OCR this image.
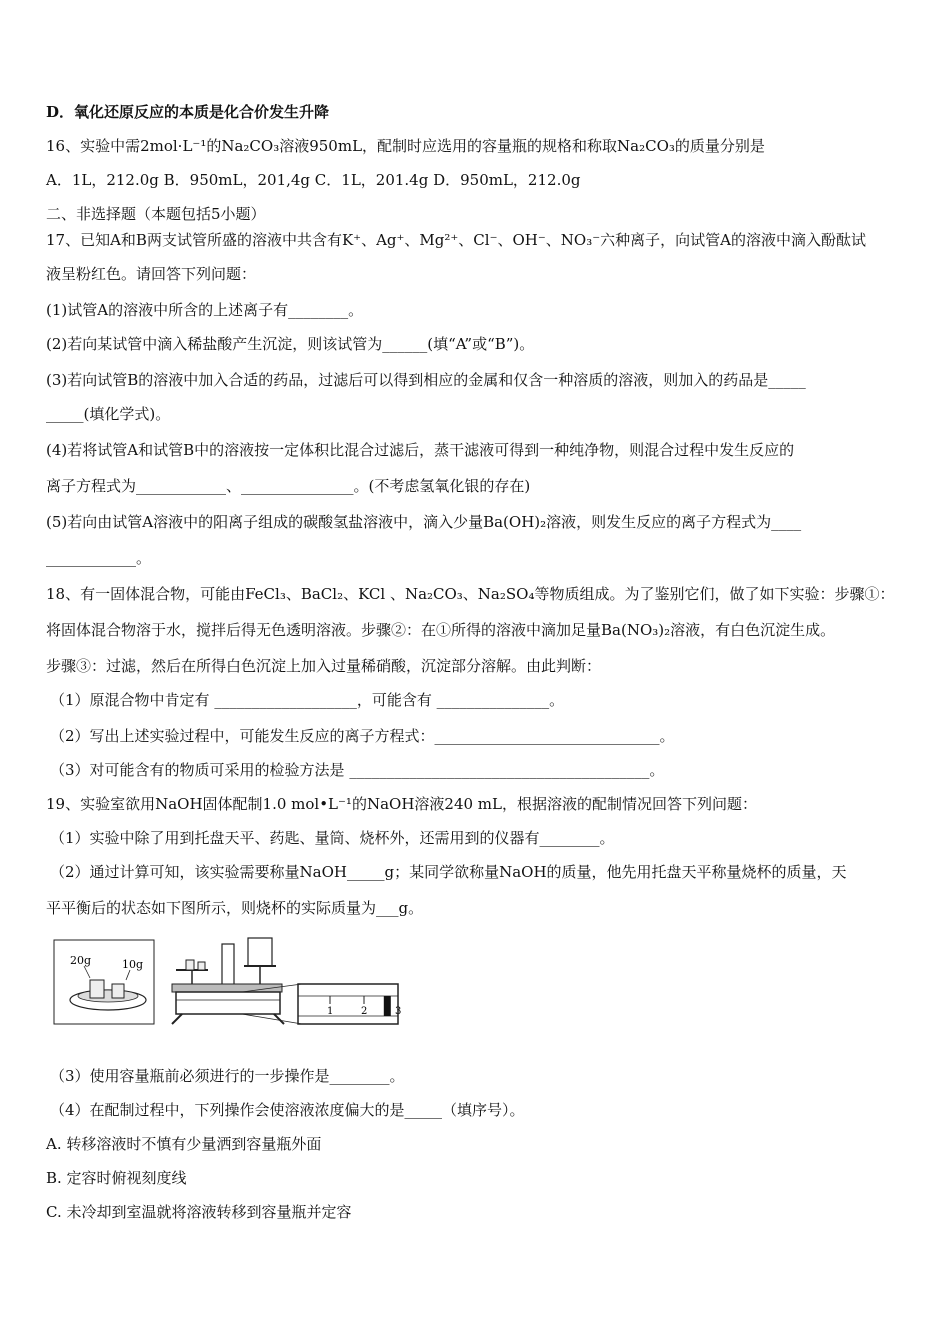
D．氧化还原反应的本质是化合价发生升降
16、实验中需2mol·L⁻¹的Na₂CO₃溶液950mL，配制时应选用的容量瓶的规格和称取Na₂CO₃的质量分别是
A．1L，212.0g B．950mL，201,4g C．1L，201.4g D．950mL，212.0g
二、非选择题（本题包括5小题）
17、已知A和B两支试管所盛的溶液中共含有K⁺、Ag⁺、Mg²⁺、Cl⁻、OH⁻、NO₃⁻六种离子，向试管A的溶液中滴入酚酞试
液呈粉红色。请回答下列问题：
(1)试管A的溶液中所含的上述离子有________。
(2)若向某试管中滴入稀盐酸产生沉淀，则该试管为______(填“A”或“B”)。
(3)若向试管B的溶液中加入合适的药品，过滤后可以得到相应的金属和仅含一种溶质的溶液，则加入的药品是_____
_____(填化学式)。
(4)若将试管A和试管B中的溶液按一定体积比混合过滤后，蒸干滤液可得到一种纯净物，则混合过程中发生反应的
离子方程式为____________、_______________。(不考虑氢氧化银的存在)
(5)若向由试管A溶液中的阳离子组成的碳酸氢盐溶液中，滴入少量Ba(OH)₂溶液，则发生反应的离子方程式为____
____________。
18、有一固体混合物，可能由FeCl₃、BaCl₂、KCl 、Na₂CO₃、Na₂SO₄等物质组成。为了鉴别它们，做了如下实验：步骤①：
将固体混合物溶于水，搅拌后得无色透明溶液。步骤②：在①所得的溶液中滴加足量Ba(NO₃)₂溶液，有白色沉淀生成。
步骤③：过滤，然后在所得白色沉淀上加入过量稀硝酸，沉淀部分溶解。由此判断：
（1）原混合物中肯定有 ___________________，可能含有 _______________。
（2）写出上述实验过程中，可能发生反应的离子方程式：______________________________。
（3）对可能含有的物质可采用的检验方法是 ________________________________________。
19、实验室欲用NaOH固体配制1.0 mol•L⁻¹的NaOH溶液240 mL，根据溶液的配制情况回答下列问题：
（1）实验中除了用到托盘天平、药匙、量筒、烧杯外，还需用到的仪器有________。
（2）通过计算可知，该实验需要称量NaOH_____g；某同学欲称量NaOH的质量，他先用托盘天平称量烧杯的质量，天
平平衡后的状态如下图所示，则烧杯的实际质量为___g。
20g	10g
1	2	3
（3）使用容量瓶前必须进行的一步操作是________。
（4）在配制过程中，下列操作会使溶液浓度偏大的是_____（填序号）。
A. 转移溶液时不慎有少量洒到容量瓶外面
B. 定容时俯视刻度线
C. 未冷却到室温就将溶液转移到容量瓶并定容
